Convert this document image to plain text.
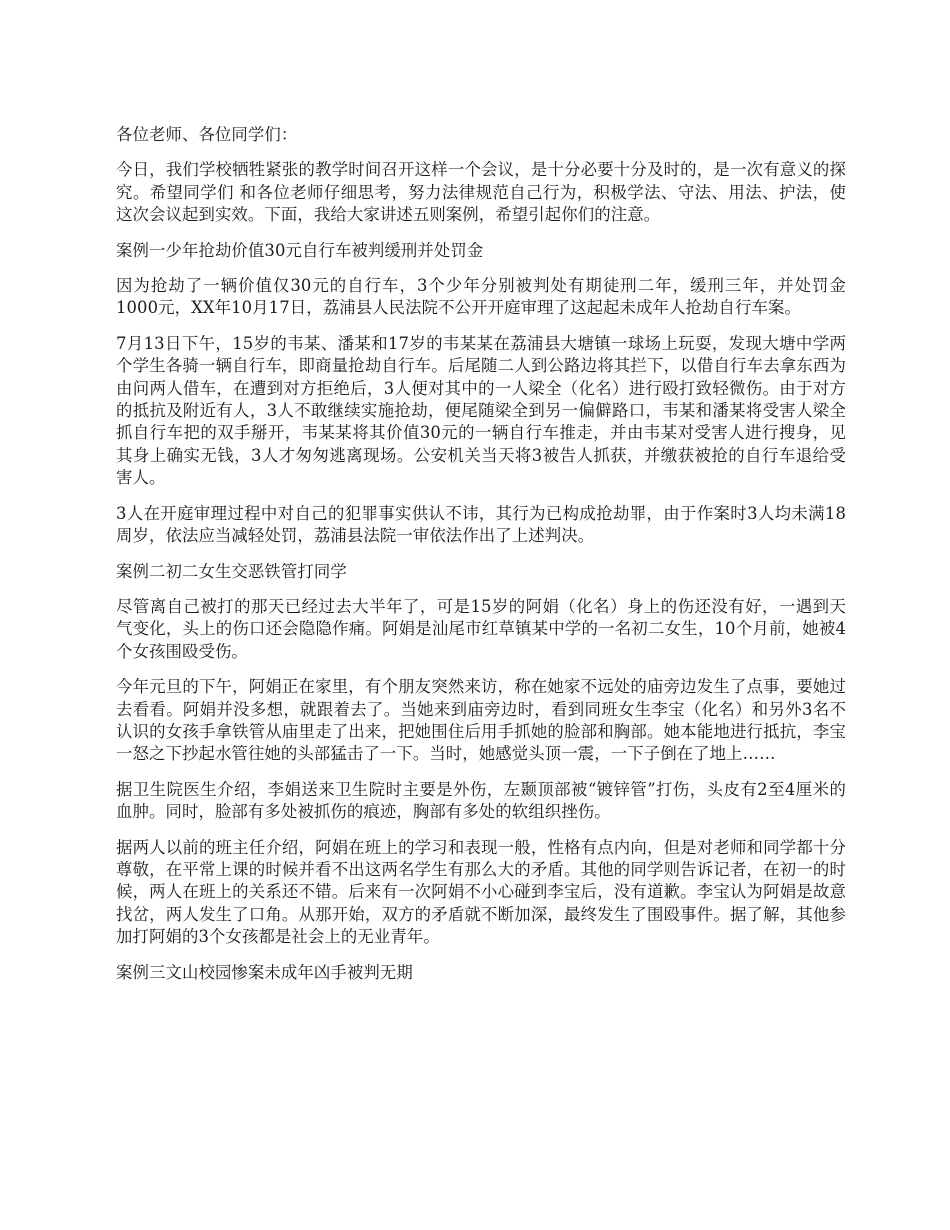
各位老师、各位同学们：

今日，我们学校牺牲紧张的教学时间召开这样一个会议，是十分必要十分及时的，是一次有意义的探究。希望同学们 和各位老师仔细思考，努力法律规范自己行为，积极学法、守法、用法、护法，使这次会议起到实效。下面，我给大家讲述五则案例，希望引起你们的注意。

案例一少年抢劫价值30元自行车被判缓刑并处罚金

因为抢劫了一辆价值仅30元的自行车，3个少年分别被判处有期徒刑二年，缓刑三年，并处罚金1000元，XX年10月17日，荔浦县人民法院不公开开庭审理了这起起未成年人抢劫自行车案。

7月13日下午，15岁的韦某、潘某和17岁的韦某某在荔浦县大塘镇一球场上玩耍，发现大塘中学两个学生各骑一辆自行车，即商量抢劫自行车。后尾随二人到公路边将其拦下，以借自行车去拿东西为由问两人借车，在遭到对方拒绝后，3人便对其中的一人梁全（化名）进行殴打致轻微伤。由于对方的抵抗及附近有人，3人不敢继续实施抢劫，便尾随梁全到另一偏僻路口，韦某和潘某将受害人梁全抓自行车把的双手掰开，韦某某将其价值30元的一辆自行车推走，并由韦某对受害人进行搜身，见其身上确实无钱，3人才匆匆逃离现场。公安机关当天将3被告人抓获，并缴获被抢的自行车退给受害人。

3人在开庭审理过程中对自己的犯罪事实供认不讳，其行为已构成抢劫罪，由于作案时3人均未满18周岁，依法应当减轻处罚，荔浦县法院一审依法作出了上述判决。

案例二初二女生交恶铁管打同学

尽管离自己被打的那天已经过去大半年了，可是15岁的阿娟（化名）身上的伤还没有好，一遇到天气变化，头上的伤口还会隐隐作痛。阿娟是汕尾市红草镇某中学的一名初二女生，10个月前，她被4个女孩围殴受伤。

今年元旦的下午，阿娟正在家里，有个朋友突然来访，称在她家不远处的庙旁边发生了点事，要她过去看看。阿娟并没多想，就跟着去了。当她来到庙旁边时，看到同班女生李宝（化名）和另外3名不认识的女孩手拿铁管从庙里走了出来，把她围住后用手抓她的脸部和胸部。她本能地进行抵抗，李宝一怒之下抄起水管往她的头部猛击了一下。当时，她感觉头顶一震，一下子倒在了地上……

据卫生院医生介绍，李娟送来卫生院时主要是外伤，左颞顶部被“镀锌管”打伤，头皮有2至4厘米的血肿。同时，脸部有多处被抓伤的痕迹，胸部有多处的软组织挫伤。

据两人以前的班主任介绍，阿娟在班上的学习和表现一般，性格有点内向，但是对老师和同学都十分尊敬，在平常上课的时候并看不出这两名学生有那么大的矛盾。其他的同学则告诉记者，在初一的时候，两人在班上的关系还不错。后来有一次阿娟不小心碰到李宝后，没有道歉。李宝认为阿娟是故意找岔，两人发生了口角。从那开始，双方的矛盾就不断加深，最终发生了围殴事件。据了解，其他参加打阿娟的3个女孩都是社会上的无业青年。

案例三文山校园惨案未成年凶手被判无期
